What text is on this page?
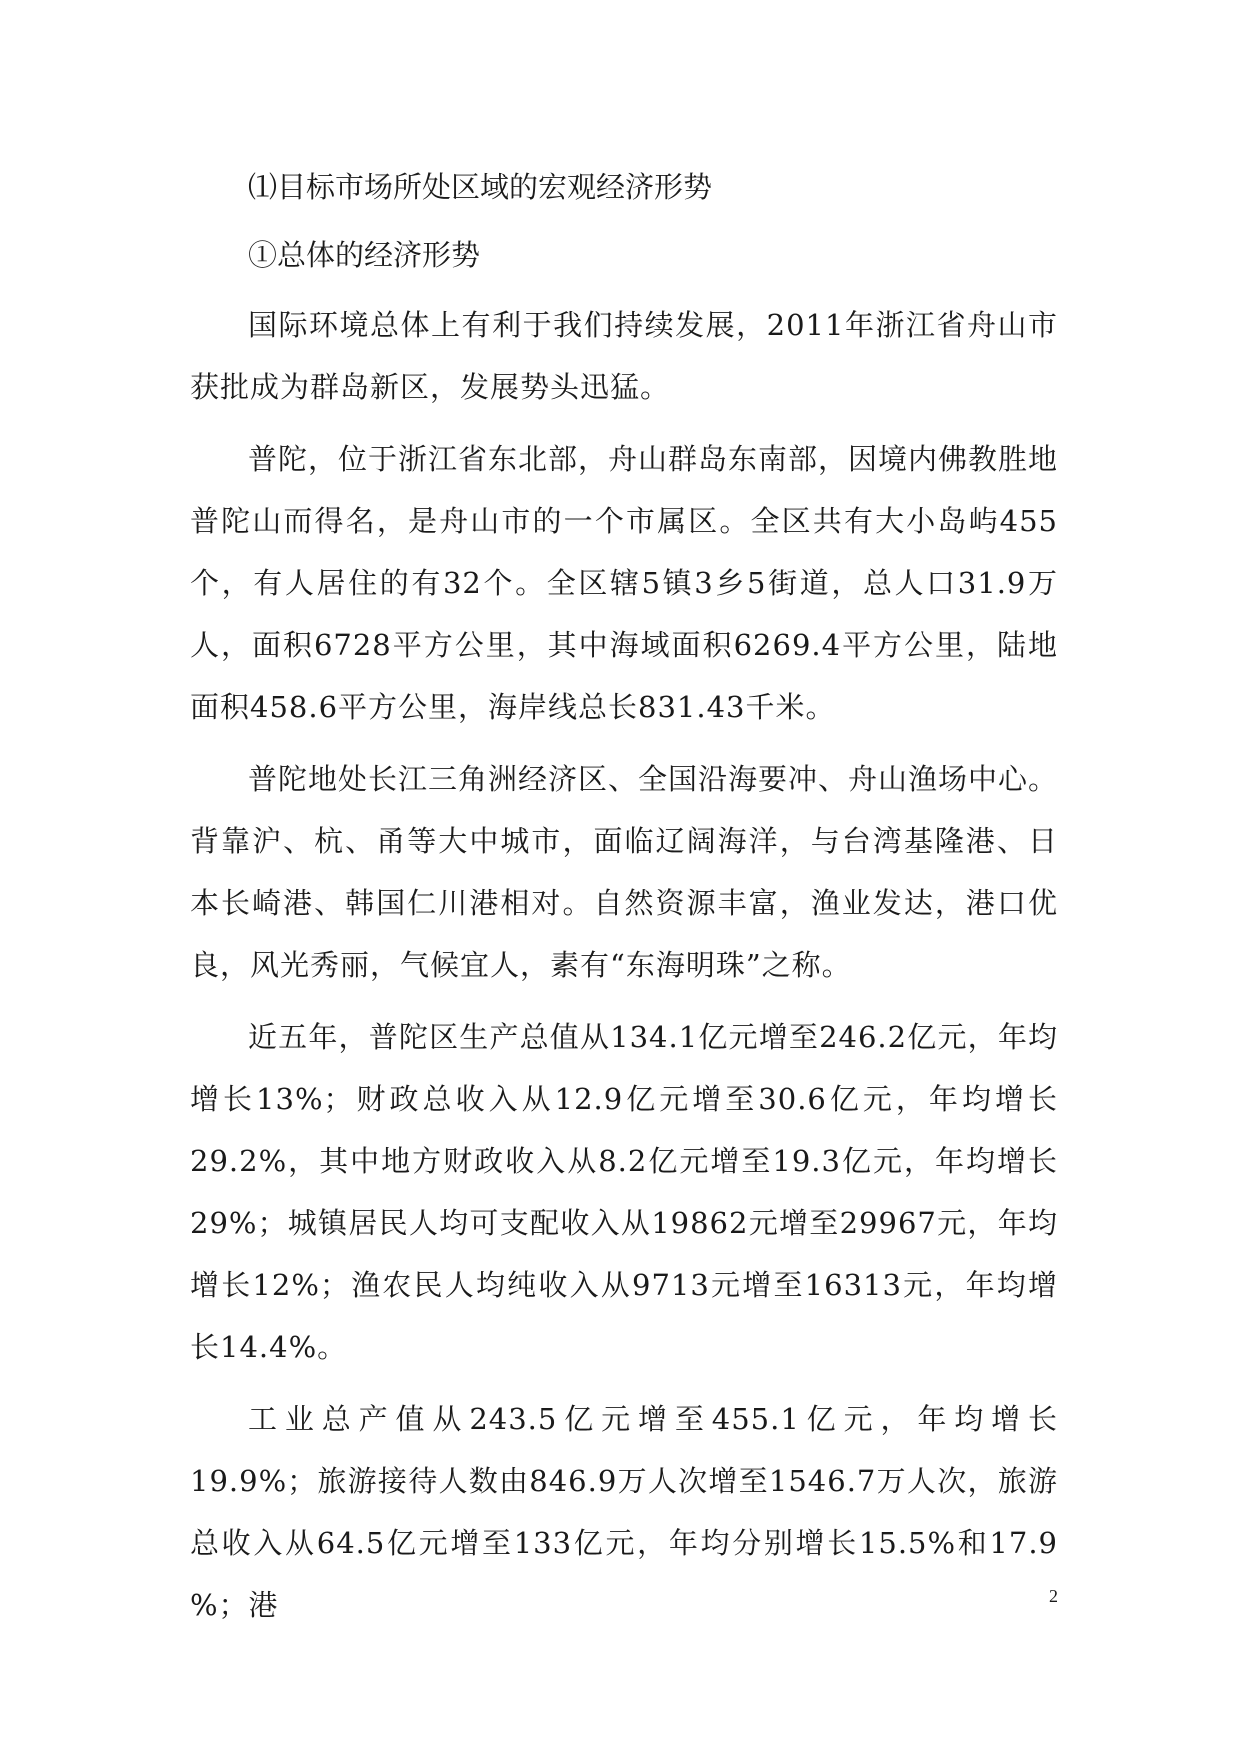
⑴目标市场所处区域的宏观经济形势
①总体的经济形势

国际环境总体上有利于我们持续发展，2011年浙江省舟山市获批成为群岛新区，发展势头迅猛。

普陀，位于浙江省东北部，舟山群岛东南部，因境内佛教胜地普陀山而得名，是舟山市的一个市属区。全区共有大小岛屿455个，有人居住的有32个。全区辖5镇3乡5街道，总人口31.9万人，面积6728平方公里，其中海域面积6269.4平方公里，陆地面积458.6平方公里，海岸线总长831.43千米。

普陀地处长江三角洲经济区、全国沿海要冲、舟山渔场中心。背靠沪、杭、甬等大中城市，面临辽阔海洋，与台湾基隆港、日本长崎港、韩国仁川港相对。自然资源丰富，渔业发达，港口优良，风光秀丽，气候宜人，素有“东海明珠”之称。

近五年，普陀区生产总值从134.1亿元增至246.2亿元，年均增长13%；财政总收入从12.9亿元增至30.6亿元，年均增长29.2%，其中地方财政收入从8.2亿元增至19.3亿元，年均增长29%；城镇居民人均可支配收入从19862元增至29967元，年均增长12%；渔农民人均纯收入从9713元增至16313元，年均增长14.4%。

工业总产值从243.5亿元增至455.1亿元，年均增长19.9%；旅游接待人数由846.9万人次增至1546.7万人次，旅游总收入从64.5亿元增至133亿元，年均分别增长15.5%和17.9 %；港	2
